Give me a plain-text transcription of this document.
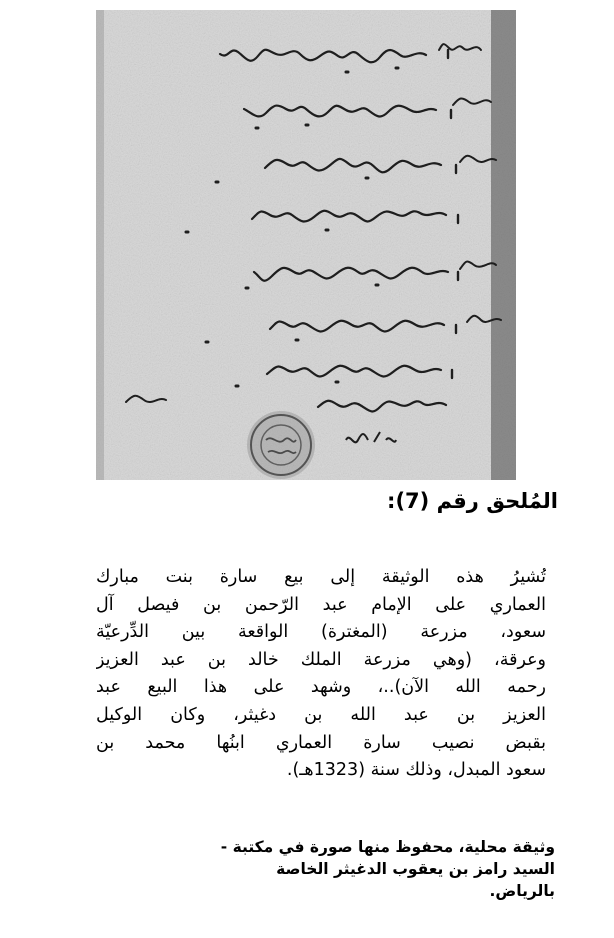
المُلحق رقم (7):
تُشيرُ هذه الوثيقة إلى بيع سارة بنت مبارك
العماري على الإمام عبد الرّحمن بن فيصل آل
سعود، مزرعة (المغترة) الواقعة بين الدِّرعيّة
وعرقة، (وهي مزرعة الملك خالد بن عبد العزيز
رحمه الله الآن)..، وشهد على هذا البيع عبد
العزيز بن عبد الله بن دغيثر، وكان الوكيل
بقبض نصيب سارة العماري ابنُها محمد بن
سعود المبدل، وذلك سنة (1323هـ).
وثيقة محلية، محفوظ منها صورة في مكتبة -
السيد رامز بن يعقوب الدغيثر الخاصة
بالرياض.
